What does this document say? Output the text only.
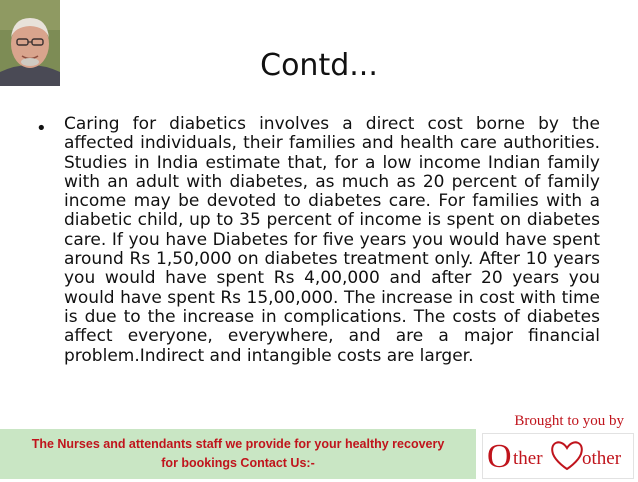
Contd...
• Caring for diabetics involves a direct cost borne by the affected individuals, their families and health care authorities. Studies in India estimate that, for a low income Indian family with an adult with diabetes, as much as 20 percent of family income may be devoted to diabetes care. For families with a diabetic child, up to 35 percent of income is spent on diabetes care. If you have Diabetes for five years you would have spent around Rs 1,50,000 on diabetes treatment only. After 10 years you would have spent Rs 4,00,000 and after 20 years you would have spent Rs 15,00,000. The increase in cost with time is due to the increase in complications. The costs of diabetes affect everyone, everywhere, and are a major financial problem.Indirect and intangible costs are larger.

Brought to you by

The Nurses and attendants staff we provide for your healthy recovery

for bookings Contact Us:-	O ther other
